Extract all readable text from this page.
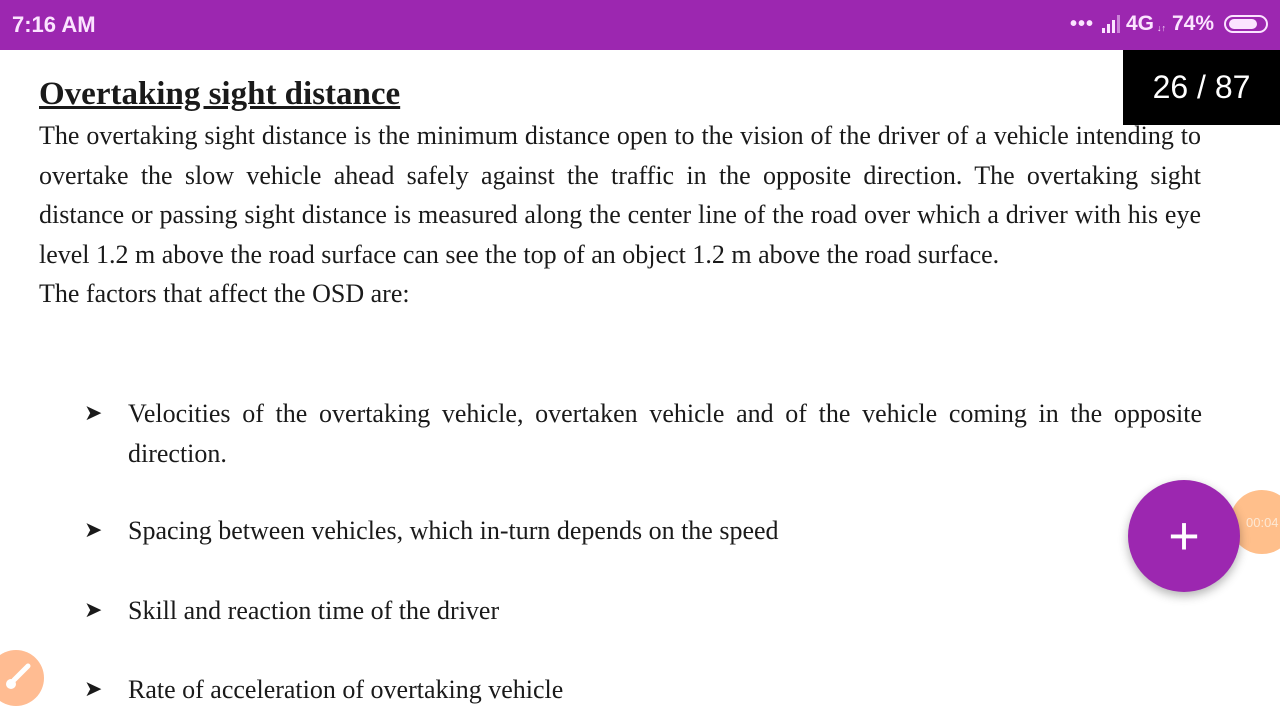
7:16 AM	••• 4G ↓↑ 74%
26 / 87
Overtaking sight distance

The overtaking sight distance is the minimum distance open to the vision of the driver of a vehicle intending to overtake the slow vehicle ahead safely against the traffic in the opposite direction. The overtaking sight distance or passing sight distance is measured along the center line of the road over which a driver with his eye level 1.2 m above the road surface can see the top of an object 1.2 m above the road surface.

The factors that affect the OSD are:

➤ Velocities of the overtaking vehicle, overtaken vehicle and of the vehicle coming in the opposite direction.
➤ Spacing between vehicles, which in-turn depends on the speed
➤ Skill and reaction time of the driver
➤ Rate of acceleration of overtaking vehicle
00:04
+
